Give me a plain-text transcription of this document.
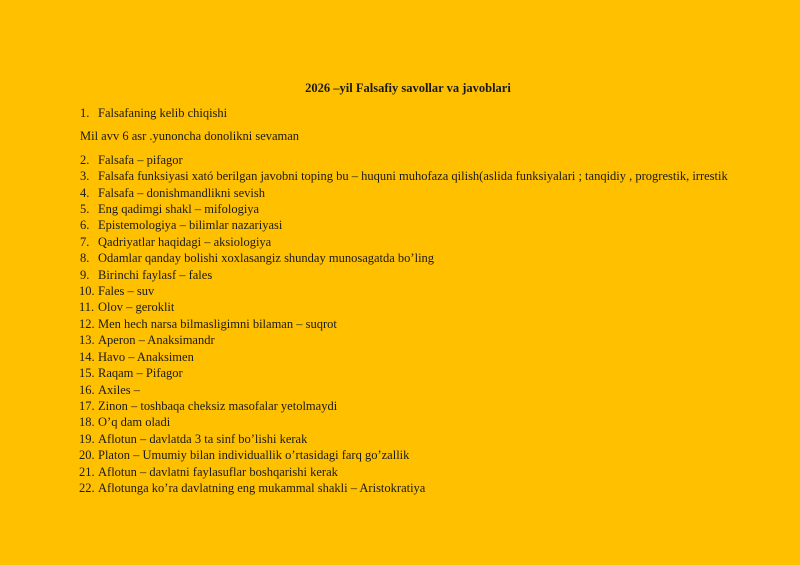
2026 –yil Falsafiy savollar va javoblari
1. Falsafaning kelib chiqishi
Mil avv 6 asr .yunoncha donolikni sevaman
2. Falsafa – pifagor
3. Falsafa funksiyasi xató berilgan javobni toping bu – huquni muhofaza qilish(aslida funksiyalari ; tanqidiy , progrestik, irrestik
4. Falsafa – donishmandlikni sevish
5. Eng qadimgi shakl – mifologiya
6. Epistemologiya – bilimlar nazariyasi
7. Qadriyatlar haqidagi – aksiologiya
8. Odamlar qanday bolishi xoxlasangiz shunday munosagatda bo’ling
9. Birinchi faylasf – fales
10. Fales – suv
11. Olov – geroklit
12. Men hech narsa bilmasligimni bilaman – suqrot
13. Aperon – Anaksimandr
14. Havo – Anaksimen
15. Raqam – Pifagor
16. Axiles –
17. Zinon – toshbaqa cheksiz masofalar yetolmaydi
18. O’q dam oladi
19. Aflotun – davlatda 3 ta sinf bo’lishi kerak
20. Platon – Umumiy bilan individuallik o’rtasidagi farq go’zallik
21. Aflotun – davlatni faylasuflar boshqarishi kerak
22. Aflotunga ko’ra davlatning eng mukammal shakli – Aristokratiya
